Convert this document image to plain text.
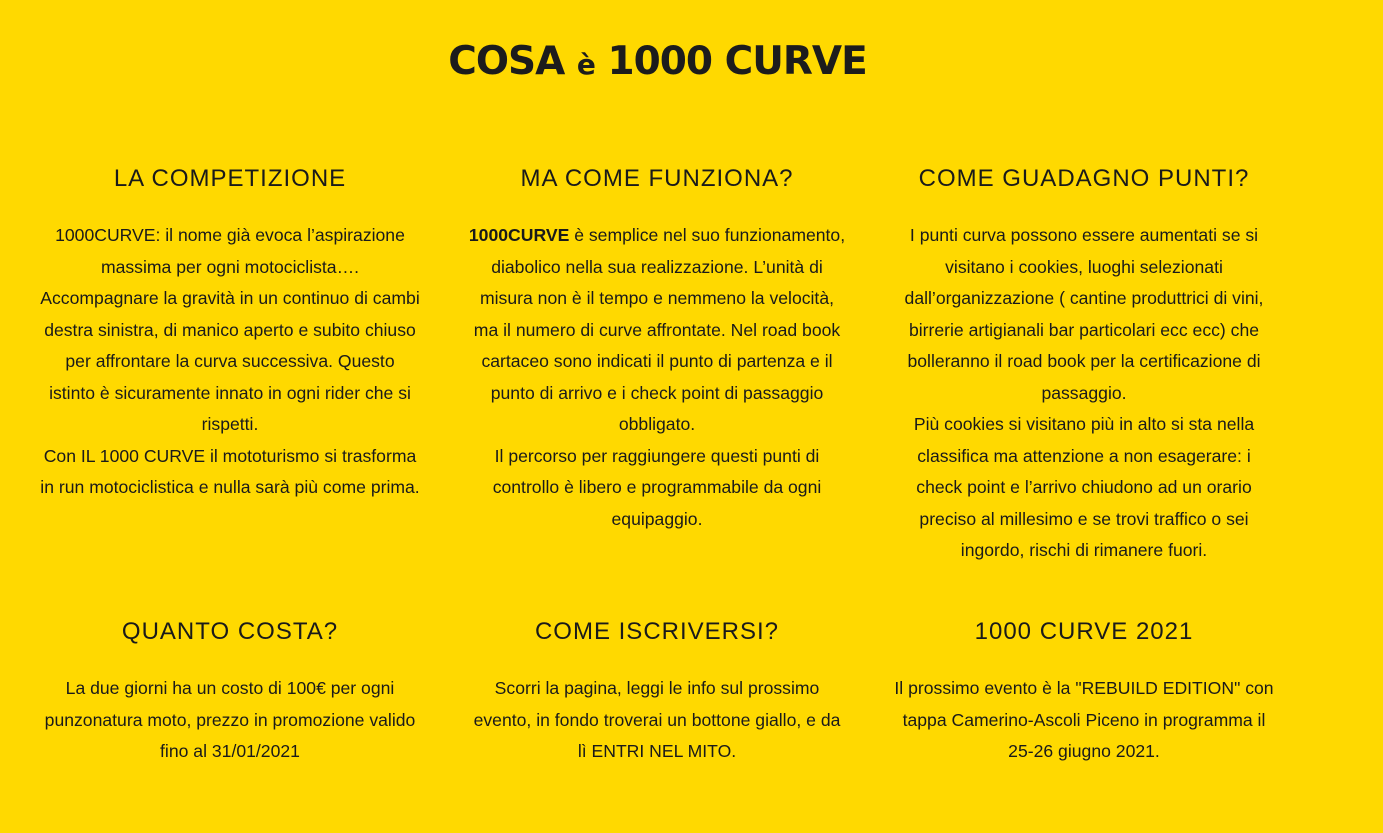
COSA è 1000 CURVE
LA COMPETIZIONE

1000CURVE: il nome già evoca l’aspirazione massima per ogni motociclista…. Accompagnare la gravità in un continuo di cambi destra sinistra, di manico aperto e subito chiuso per affrontare la curva successiva. Questo istinto è sicuramente innato in ogni rider che si rispetti.

Con IL 1000 CURVE il mototurismo si trasforma in run motociclistica e nulla sarà più come prima.

MA COME FUNZIONA?

1000CURVE è semplice nel suo funzionamento, diabolico nella sua realizzazione. L’unità di misura non è il tempo e nemmeno la velocità, ma il numero di curve affrontate. Nel road book cartaceo sono indicati il punto di partenza e il punto di arrivo e i check point di passaggio obbligato.

Il percorso per raggiungere questi punti di controllo è libero e programmabile da ogni equipaggio.

COME GUADAGNO PUNTI?

I punti curva possono essere aumentati se si visitano i cookies, luoghi selezionati dall’organizzazione ( cantine produttrici di vini, birrerie artigianali bar particolari ecc ecc) che bolleranno il road book per la certificazione di passaggio.

Più cookies si visitano più in alto si sta nella classifica ma attenzione a non esagerare: i check point e l’arrivo chiudono ad un orario preciso al millesimo e se trovi traffico o sei ingordo, rischi di rimanere fuori.

QUANTO COSTA?

La due giorni ha un costo di 100€ per ogni punzonatura moto, prezzo in promozione valido fino al 31/01/2021

COME ISCRIVERSI?

Scorri la pagina, leggi le info sul prossimo evento, in fondo troverai un bottone giallo, e da lì ENTRI NEL MITO.

1000 CURVE 2021

Il prossimo evento è la "REBUILD EDITION" con tappa Camerino-Ascoli Piceno in programma il 25-26 giugno 2021.
